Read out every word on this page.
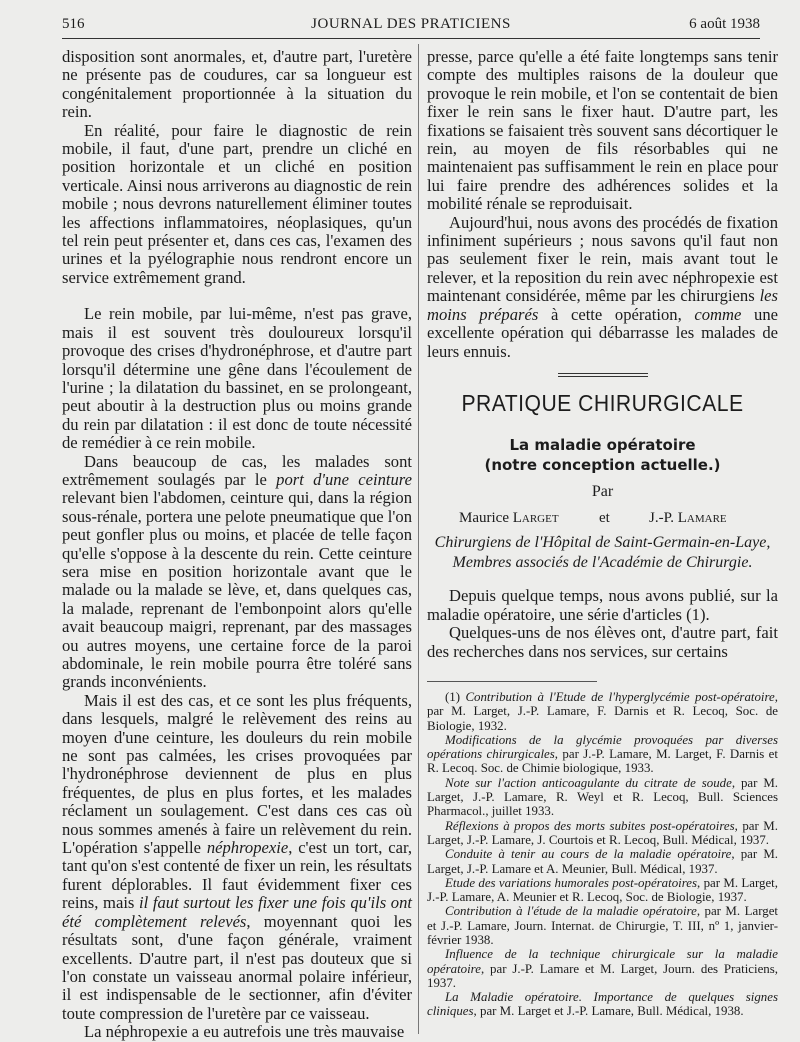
516	JOURNAL DES PRATICIENS	6 août 1938

disposition sont anormales, et, d'autre part, l'uretère ne présente pas de coudures, car sa longueur est congénitalement proportionnée à la situation du rein.

En réalité, pour faire le diagnostic de rein mobile, il faut, d'une part, prendre un cliché en position horizontale et un cliché en position verticale. Ainsi nous arriverons au diagnostic de rein mobile ; nous devrons naturellement éliminer toutes les affections inflammatoires, néoplasiques, qu'un tel rein peut présenter et, dans ces cas, l'examen des urines et la pyélographie nous rendront encore un service extrêmement grand.

Le rein mobile, par lui-même, n'est pas grave, mais il est souvent très douloureux lorsqu'il provoque des crises d'hydronéphrose, et d'autre part lorsqu'il détermine une gêne dans l'écoulement de l'urine ; la dilatation du bassinet, en se prolongeant, peut aboutir à la destruction plus ou moins grande du rein par dilatation : il est donc de toute nécessité de remédier à ce rein mobile.

Dans beaucoup de cas, les malades sont extrêmement soulagés par le port d'une ceinture relevant bien l'abdomen, ceinture qui, dans la région sous-rénale, portera une pelote pneumatique que l'on peut gonfler plus ou moins, et placée de telle façon qu'elle s'oppose à la descente du rein. Cette ceinture sera mise en position horizontale avant que le malade ou la malade se lève, et, dans quelques cas, la malade, reprenant de l'embonpoint alors qu'elle avait beaucoup maigri, reprenant, par des massages ou autres moyens, une certaine force de la paroi abdominale, le rein mobile pourra être toléré sans grands inconvénients.

Mais il est des cas, et ce sont les plus fréquents, dans lesquels, malgré le relèvement des reins au moyen d'une ceinture, les douleurs du rein mobile ne sont pas calmées, les crises provoquées par l'hydronéphrose deviennent de plus en plus fréquentes, de plus en plus fortes, et les malades réclament un soulagement. C'est dans ces cas où nous sommes amenés à faire un relèvement du rein. L'opération s'appelle néphropexie, c'est un tort, car, tant qu'on s'est contenté de fixer un rein, les résultats furent déplorables. Il faut évidemment fixer ces reins, mais il faut surtout les fixer une fois qu'ils ont été complètement relevés, moyennant quoi les résultats sont, d'une façon générale, vraiment excellents. D'autre part, il n'est pas douteux que si l'on constate un vaisseau anormal polaire inférieur, il est indispensable de le sectionner, afin d'éviter toute compression de l'uretère par ce vaisseau.

La néphropexie a eu autrefois une très mauvaise

presse, parce qu'elle a été faite longtemps sans tenir compte des multiples raisons de la douleur que provoque le rein mobile, et l'on se contentait de bien fixer le rein sans le fixer haut. D'autre part, les fixations se faisaient très souvent sans décortiquer le rein, au moyen de fils résorbables qui ne maintenaient pas suffisamment le rein en place pour lui faire prendre des adhérences solides et la mobilité rénale se reproduisait.

Aujourd'hui, nous avons des procédés de fixation infiniment supérieurs ; nous savons qu'il faut non pas seulement fixer le rein, mais avant tout le relever, et la reposition du rein avec néphropexie est maintenant considérée, même par les chirurgiens les moins préparés à cette opération, comme une excellente opération qui débarrasse les malades de leurs ennuis.

PRATIQUE CHIRURGICALE
La maladie opératoire
(notre conception actuelle.)
Par
Maurice Larget	et	J.-P. Lamare
Chirurgiens de l'Hôpital de Saint-Germain-en-Laye,
Membres associés de l'Académie de Chirurgie.

Depuis quelque temps, nous avons publié, sur la maladie opératoire, une série d'articles (1).

Quelques-uns de nos élèves ont, d'autre part, fait des recherches dans nos services, sur certains

(1) Contribution à l'Etude de l'hyperglycémie post-opératoire, par M. Larget, J.-P. Lamare, F. Darnis et R. Lecoq, Soc. de Biologie, 1932.

Modifications de la glycémie provoquées par diverses opérations chirurgicales, par J.-P. Lamare, M. Larget, F. Darnis et R. Lecoq. Soc. de Chimie biologique, 1933.

Note sur l'action anticoagulante du citrate de soude, par M. Larget, J.-P. Lamare, R. Weyl et R. Lecoq, Bull. Sciences Pharmacol., juillet 1933.

Réflexions à propos des morts subites post-opératoires, par M. Larget, J.-P. Lamare, J. Courtois et R. Lecoq, Bull. Médical, 1937.

Conduite à tenir au cours de la maladie opératoire, par M. Larget, J.-P. Lamare et A. Meunier, Bull. Médical, 1937.

Etude des variations humorales post-opératoires, par M. Larget, J.-P. Lamare, A. Meunier et R. Lecoq, Soc. de Biologie, 1937.

Contribution à l'étude de la maladie opératoire, par M. Larget et J.-P. Lamare, Journ. Internat. de Chirurgie, T. III, nº 1, janvier-février 1938.

Influence de la technique chirurgicale sur la maladie opératoire, par J.-P. Lamare et M. Larget, Journ. des Praticiens, 1937.

La Maladie opératoire. Importance de quelques signes cliniques, par M. Larget et J.-P. Lamare, Bull. Médical, 1938.
